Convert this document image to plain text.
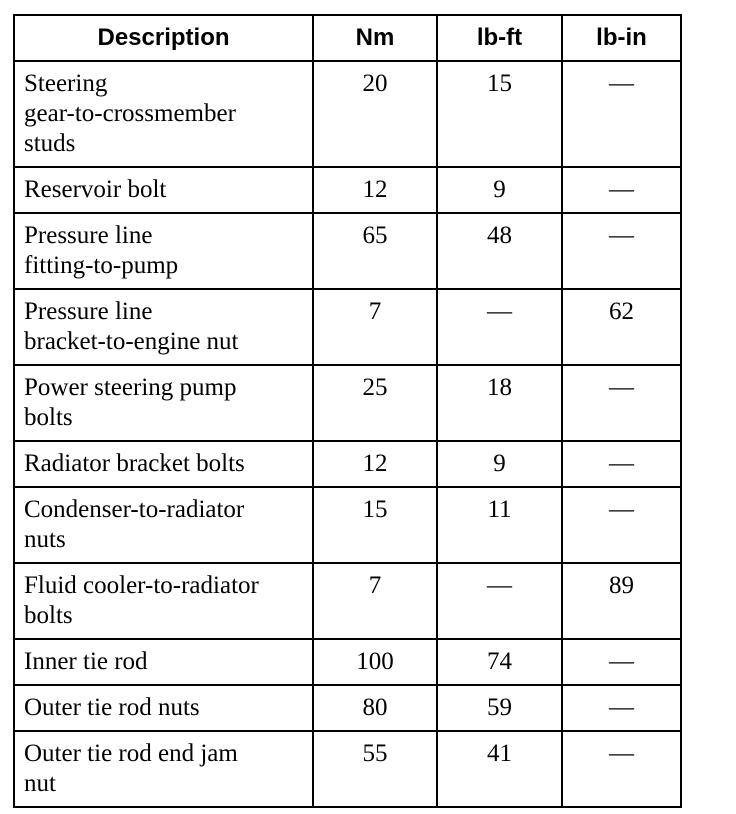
Description	Nm	lb-ft	lb-in

Steering
gear-to-crossmember
studs	20	15	—

Reservoir bolt	12	9	—

Pressure line
fitting-to-pump	65	48	—

Pressure line
bracket-to-engine nut	7	—	62

Power steering pump
bolts	25	18	—

Radiator bracket bolts	12	9	—

Condenser-to-radiator
nuts	15	11	—

Fluid cooler-to-radiator
bolts	7	—	89

Inner tie rod	100	74	—

Outer tie rod nuts	80	59	—

Outer tie rod end jam
nut	55	41	—
